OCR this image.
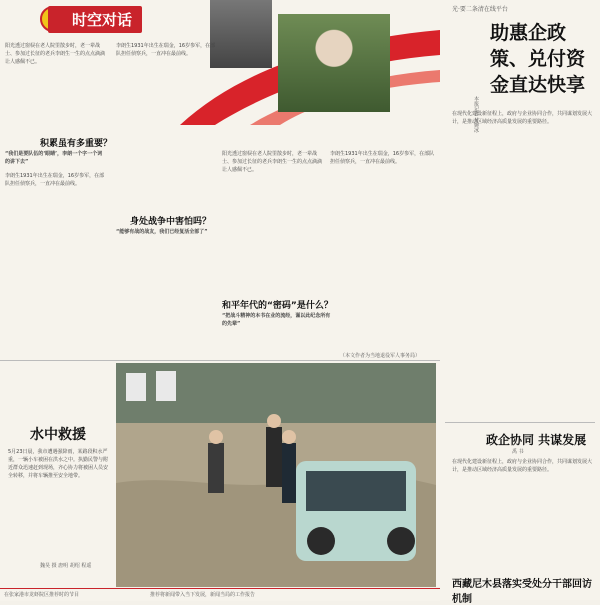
时空对话
阳光透过窗棂在老人院里散步时，老一辈战士、参加过长征的老兵李朗生一生的点点滴滴让人感佩不已。
积累虽有多重要？
“我们是要队伍的‘眼睛’，李朗一个字一个词的讲下去”
李朗生1931年出生在瑞金，16岁参军，在部队担任侦察兵，一直冲在最前线。
李朗生1931年出生在瑞金，16岁参军，在部队担任侦察兵，一直冲在最前线。
身处战争中害怕吗？
“能够有战的战友，我们已经复活全部了”
和平年代的“密码”是什么？
“把战斗精神的本书在业的流经，谨以此纪念所有的先辈”
阳光透过窗棂在老人院里散步时，老一辈战士、参加过长征的老兵李朗生一生的点点滴滴让人感佩不已。
李朗生1931年出生在瑞金，16岁参军，在部队担任侦察兵，一直冲在最前线。
（本文作者为当地退役军人事务局）
光·要二条清在线平台
助惠企政
策、兑付资
金直达快享
本报记者 黄婉冰
在现代化建设新征程上，政府与企业协同合作，共同谋划发展大计，是推动区域经济高质量发展的重要路径。
政企协同 共谋发展
禹 书
在现代化建设新征程上，政府与企业协同合作，共同谋划发展大计，是推动区域经济高质量发展的重要路径。
西藏尼木县落实受处分干部回访机制
水中救援
5月23日晨，我市遭遇强降雨，某路段积水严重，一辆小车被困在洪水之中。执勤民警与附近群众迅速赶到现场，齐心协力将被困人员安全转移，并将车辆推至安全地带。
魏昊 摄 唐明 胡绍 程遥
在张家港市龙虾院区推荐时的节目	推荐将新闻带入当下发展，新闻当局的工作报告
